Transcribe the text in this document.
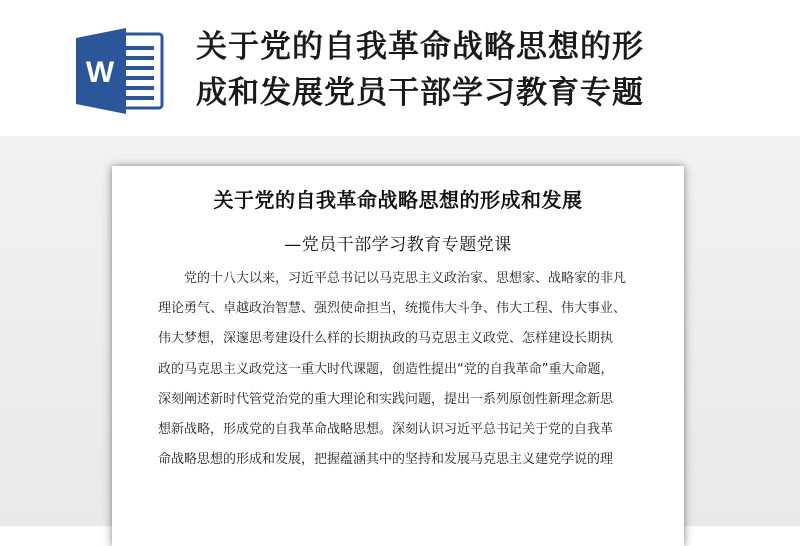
W
关于党的自我革命战略思想的形
成和发展党员干部学习教育专题
关于党的自我革命战略思想的形成和发展
—党员干部学习教育专题党课
党的十八大以来，习近平总书记以马克思主义政治家、思想家、战略家的非凡
理论勇气、卓越政治智慧、强烈使命担当，统揽伟大斗争、伟大工程、伟大事业、
伟大梦想，深邃思考建设什么样的长期执政的马克思主义政党、怎样建设长期执
政的马克思主义政党这一重大时代课题，创造性提出“党的自我革命”重大命题，
深刻阐述新时代管党治党的重大理论和实践问题，提出一系列原创性新理念新思
想新战略，形成党的自我革命战略思想。深刻认识习近平总书记关于党的自我革
命战略思想的形成和发展，把握蕴涵其中的坚持和发展马克思主义建党学说的理
